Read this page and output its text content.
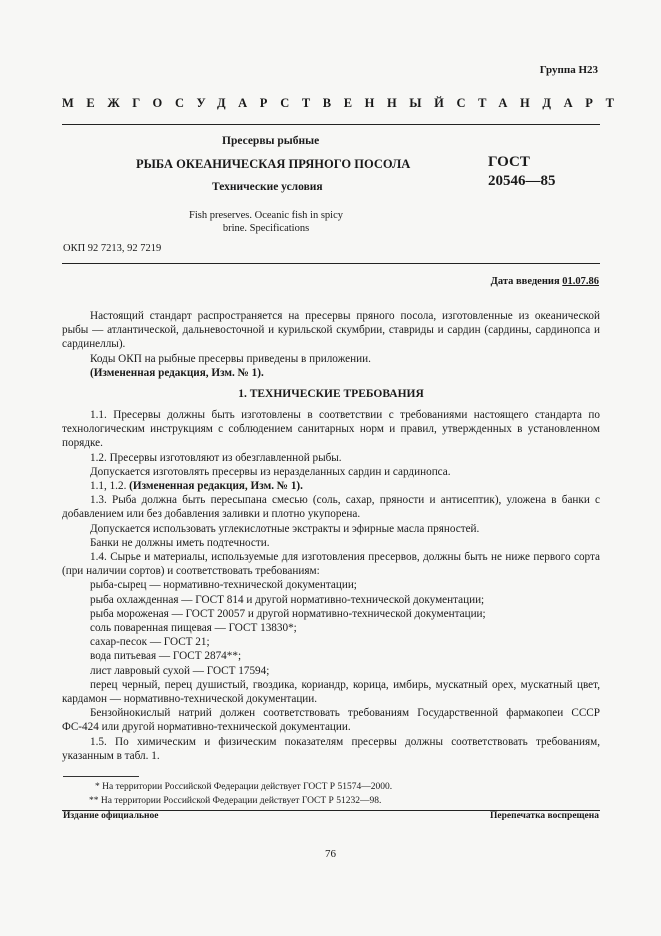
Группа Н23
МЕЖГОСУДАРСТВЕННЫЙ СТАНДАРТ
Пресервы рыбные
РЫБА ОКЕАНИЧЕСКАЯ ПРЯНОГО ПОСОЛА
Технические условия
ГОСТ
20546—85
Fish preserves. Oceanic fish in spicy
brine. Specifications
ОКП 92 7213, 92 7219
Дата введения 01.07.86

Настоящий стандарт распространяется на пресервы пряного посола, изготовленные из океанической рыбы — атлантической, дальневосточной и курильской скумбрии, ставриды и сардин (сардины, сардинопса и сардинеллы).

Коды ОКП на рыбные пресервы приведены в приложении.

(Измененная редакция, Изм. № 1).

1. ТЕХНИЧЕСКИЕ ТРЕБОВАНИЯ

1.1. Пресервы должны быть изготовлены в соответствии с требованиями настоящего стандарта по технологическим инструкциям с соблюдением санитарных норм и правил, утвержденных в установленном порядке.

1.2. Пресервы изготовляют из обезглавленной рыбы.

Допускается изготовлять пресервы из неразделанных сардин и сардинопса.

1.1, 1.2. (Измененная редакция, Изм. № 1).

1.3. Рыба должна быть пересыпана смесью (соль, сахар, пряности и антисептик), уложена в банки с добавлением или без добавления заливки и плотно укупорена.

Допускается использовать углекислотные экстракты и эфирные масла пряностей.

Банки не должны иметь подтечности.

1.4. Сырье и материалы, используемые для изготовления пресервов, должны быть не ниже первого сорта (при наличии сортов) и соответствовать требованиям:

рыба-сырец — нормативно-технической документации;

рыба охлажденная — ГОСТ 814 и другой нормативно-технической документации;

рыба мороженая — ГОСТ 20057 и другой нормативно-технической документации;

соль поваренная пищевая — ГОСТ 13830*;

сахар-песок — ГОСТ 21;

вода питьевая — ГОСТ 2874**;

лист лавровый сухой — ГОСТ 17594;

перец черный, перец душистый, гвоздика, кориандр, корица, имбирь, мускатный орех, мускатный цвет, кардамон — нормативно-технической документации.

Бензойнокислый натрий должен соответствовать требованиям Государственной фармакопеи СССР ФС-424 или другой нормативно-технической документации.

1.5. По химическим и физическим показателям пресервы должны соответствовать требованиям, указанным в табл. 1.

* На территории Российской Федерации действует ГОСТ Р 51574—2000.
** На территории Российской Федерации действует ГОСТ Р 51232—98.
Издание официальное	Перепечатка воспрещена
76
